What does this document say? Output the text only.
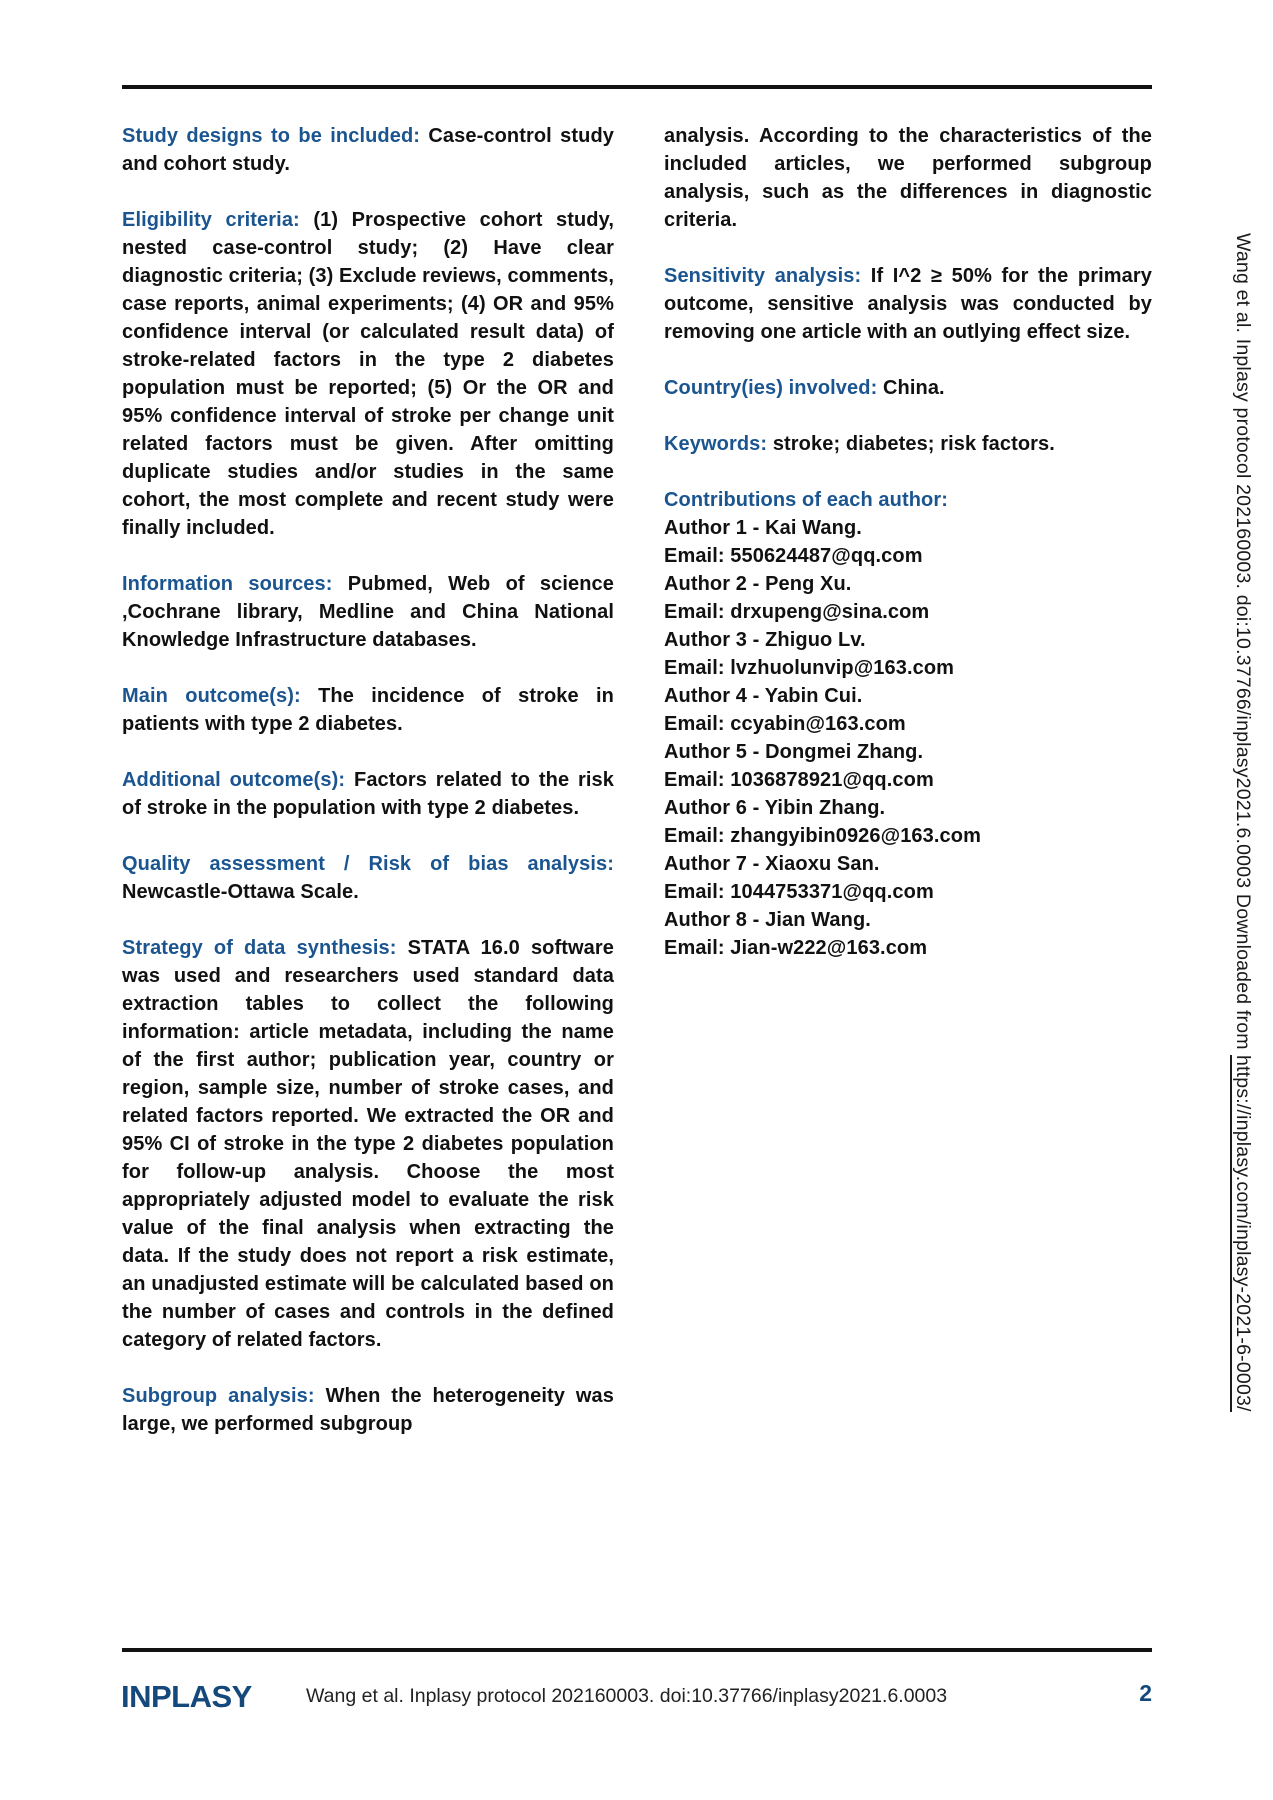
Study designs to be included: Case-control study and cohort study.

Eligibility criteria: (1) Prospective cohort study, nested case-control study; (2) Have clear diagnostic criteria; (3) Exclude reviews, comments, case reports, animal experiments; (4) OR and 95% confidence interval (or calculated result data) of stroke-related factors in the type 2 diabetes population must be reported; (5) Or the OR and 95% confidence interval of stroke per change unit related factors must be given. After omitting duplicate studies and/or studies in the same cohort, the most complete and recent study were finally included.

Information sources: Pubmed, Web of science ,Cochrane library, Medline and China National Knowledge Infrastructure databases.

Main outcome(s): The incidence of stroke in patients with type 2 diabetes.

Additional outcome(s): Factors related to the risk of stroke in the population with type 2 diabetes.

Quality assessment / Risk of bias analysis: Newcastle-Ottawa Scale.

Strategy of data synthesis: STATA 16.0 software was used and researchers used standard data extraction tables to collect the following information: article metadata, including the name of the first author; publication year, country or region, sample size, number of stroke cases, and related factors reported. We extracted the OR and 95% CI of stroke in the type 2 diabetes population for follow-up analysis. Choose the most appropriately adjusted model to evaluate the risk value of the final analysis when extracting the data. If the study does not report a risk estimate, an unadjusted estimate will be calculated based on the number of cases and controls in the defined category of related factors.

Subgroup analysis: When the heterogeneity was large, we performed subgroup

analysis. According to the characteristics of the included articles, we performed subgroup analysis, such as the differences in diagnostic criteria.

Sensitivity analysis: If I^2 ≥ 50% for the primary outcome, sensitive analysis was conducted by removing one article with an outlying effect size.

Country(ies) involved: China.

Keywords: stroke; diabetes; risk factors.

Contributions of each author:
Author 1 - Kai Wang.
Email: 550624487@qq.com
Author 2 - Peng Xu.
Email: drxupeng@sina.com
Author 3 - Zhiguo Lv.
Email: lvzhuolunvip@163.com
Author 4 - Yabin Cui.
Email: ccyabin@163.com
Author 5 - Dongmei Zhang.
Email: 1036878921@qq.com
Author 6 - Yibin Zhang.
Email: zhangyibin0926@163.com
Author 7 - Xiaoxu San.
Email: 1044753371@qq.com
Author 8 - Jian Wang.
Email: Jian-w222@163.com	Wang et al. Inplasy protocol 202160003. doi:10.37766/inplasy2021.6.0003 Downloaded from https://inplasy.com/inplasy-2021-6-0003/
INPLASY	Wang et al. Inplasy protocol 202160003. doi:10.37766/inplasy2021.6.0003	2
